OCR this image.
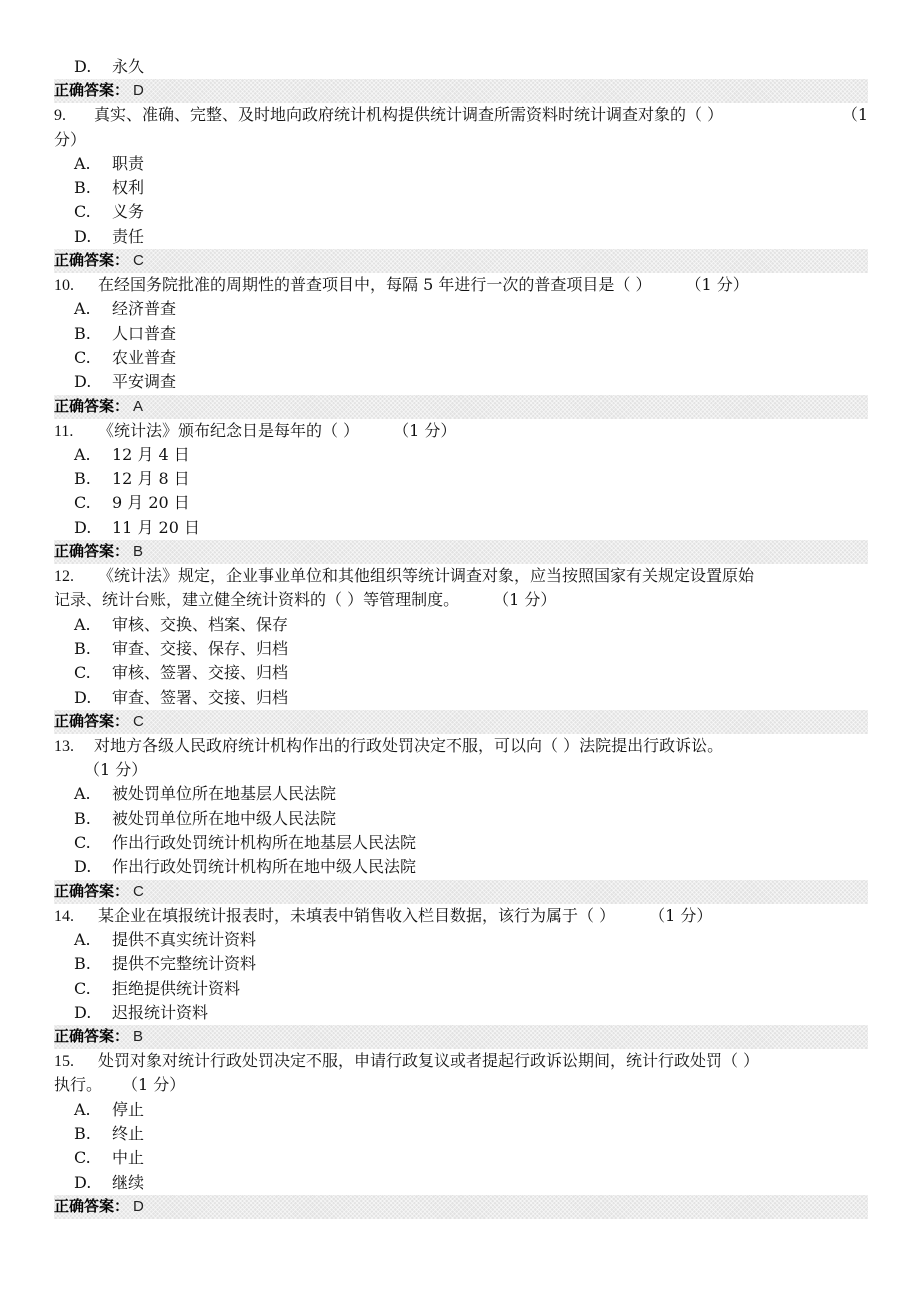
D. 永久
正确答案： D
9. 真实、准确、完整、及时地向政府统计机构提供统计调查所需资料时统计调查对象的（ ）	（1
分）
A. 职责
B. 权利
C. 义务
D. 责任
正确答案： C
10. 在经国务院批准的周期性的普查项目中，每隔 5 年进行一次的普查项目是（ ） （1 分）
A. 经济普查
B. 人口普查
C. 农业普查
D. 平安调查
正确答案： A
11. 《统计法》颁布纪念日是每年的（ ） （1 分）
A. 12 月 4 日
B. 12 月 8 日
C. 9 月 20 日
D. 11 月 20 日
正确答案： B
12. 《统计法》规定，企业事业单位和其他组织等统计调查对象，应当按照国家有关规定设置原始
记录、统计台账，建立健全统计资料的（ ）等管理制度。 （1 分）
A. 审核、交换、档案、保存
B. 审查、交接、保存、归档
C. 审核、签署、交接、归档
D. 审查、签署、交接、归档
正确答案： C
13. 对地方各级人民政府统计机构作出的行政处罚决定不服，可以向（ ）法院提出行政诉讼。
（1 分）
A. 被处罚单位所在地基层人民法院
B. 被处罚单位所在地中级人民法院
C. 作出行政处罚统计机构所在地基层人民法院
D. 作出行政处罚统计机构所在地中级人民法院
正确答案： C
14. 某企业在填报统计报表时，未填表中销售收入栏目数据，该行为属于（ ） （1 分）
A. 提供不真实统计资料
B. 提供不完整统计资料
C. 拒绝提供统计资料
D. 迟报统计资料
正确答案： B
15. 处罚对象对统计行政处罚决定不服，申请行政复议或者提起行政诉讼期间，统计行政处罚（ ）
执行。 （1 分）
A. 停止
B. 终止
C. 中止
D. 继续
正确答案： D
